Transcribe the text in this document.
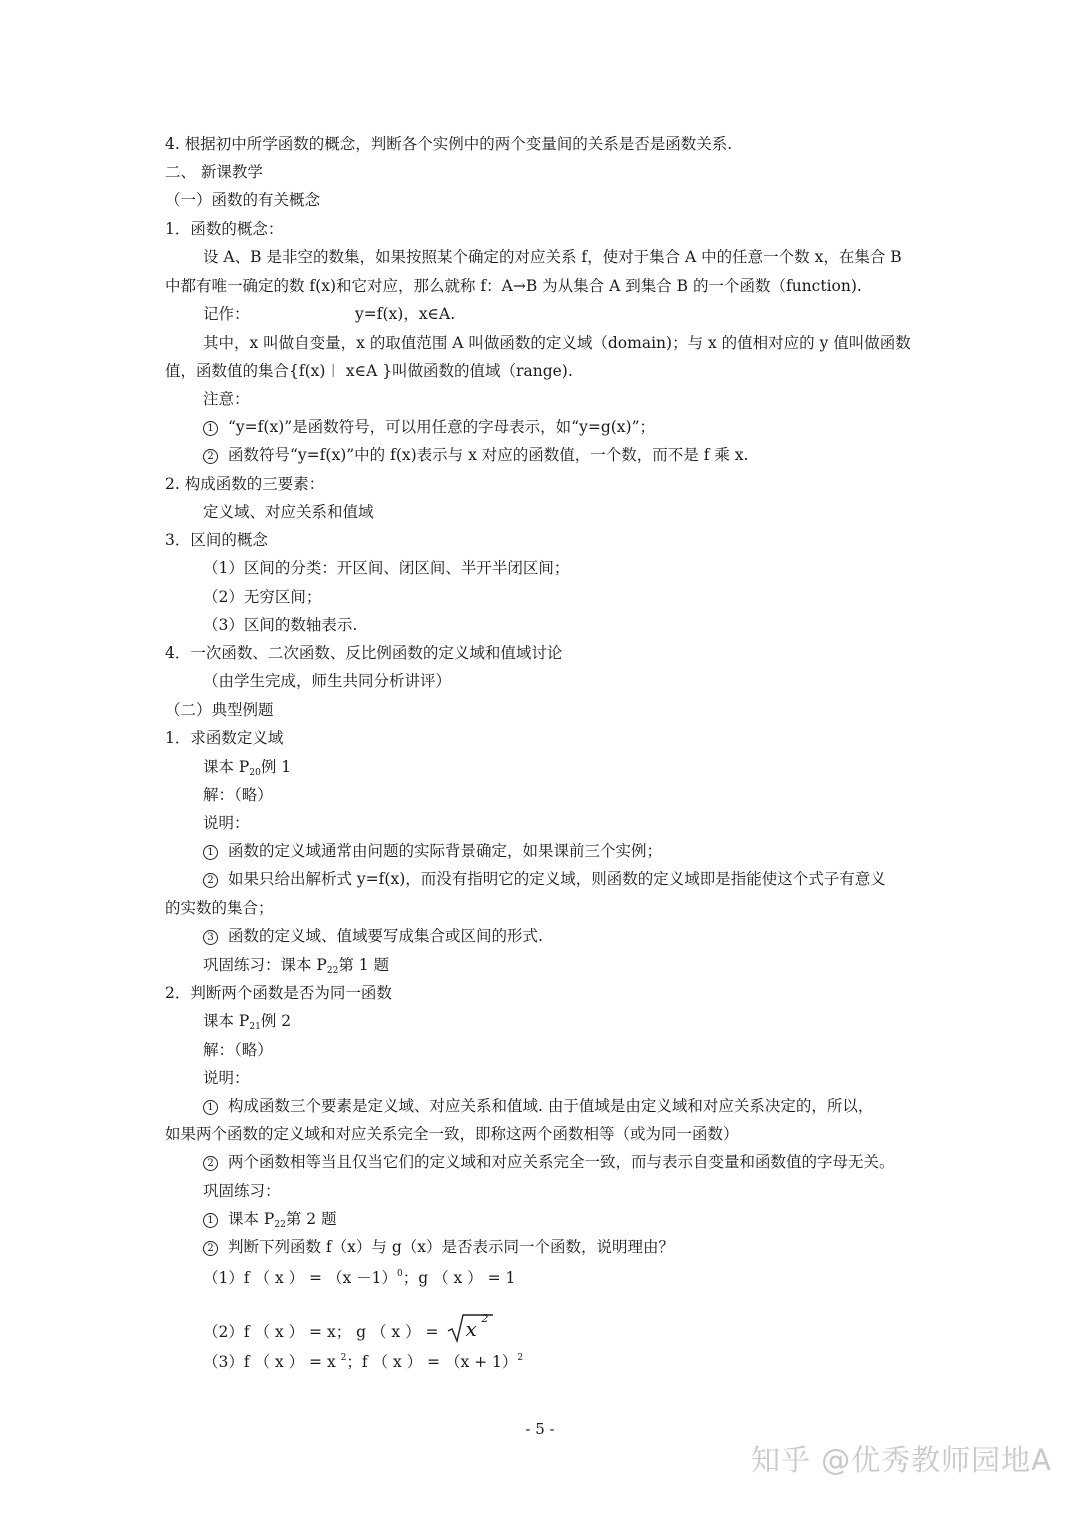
4. 根据初中所学函数的概念，判断各个实例中的两个变量间的关系是否是函数关系.
二、 新课教学
（一）函数的有关概念
1．函数的概念：
设 A、B 是非空的数集，如果按照某个确定的对应关系 f，使对于集合 A 中的任意一个数 x，在集合 B
中都有唯一确定的数 f(x)和它对应，那么就称 f：A→B 为从集合 A 到集合 B 的一个函数（function).
记作：	y=f(x)，x∈A.
其中，x 叫做自变量，x 的取值范围 A 叫做函数的定义域（domain)；与 x 的值相对应的 y 值叫做函数
值，函数值的集合{f(x)︱ x∈A }叫做函数的值域（range).
注意：
1 “y=f(x)”是函数符号，可以用任意的字母表示，如“y=g(x)”；
2 函数符号“y=f(x)”中的 f(x)表示与 x 对应的函数值，一个数，而不是 f 乘 x.
2. 构成函数的三要素：
定义域、对应关系和值域
3．区间的概念
（1）区间的分类：开区间、闭区间、半开半闭区间；
（2）无穷区间；
（3）区间的数轴表示.
4．一次函数、二次函数、反比例函数的定义域和值域讨论
（由学生完成，师生共同分析讲评）
（二）典型例题
1．求函数定义域
课本 $P_{20}$例 1
解：（略）
说明：
1 函数的定义域通常由问题的实际背景确定，如果课前三个实例；
2 如果只给出解析式 y=f(x)，而没有指明它的定义域，则函数的定义域即是指能使这个式子有意义
的实数的集合；
3 函数的定义域、值域要写成集合或区间的形式.
巩固练习：课本 $P_{22}$第 1 题
2．判断两个函数是否为同一函数
课本 $P_{21}$例 2
解：（略）
说明：
1 构成函数三个要素是定义域、对应关系和值域. 由于值域是由定义域和对应关系决定的，所以，
如果两个函数的定义域和对应关系完全一致，即称这两个函数相等（或为同一函数）
2 两个函数相等当且仅当它们的定义域和对应关系完全一致，而与表示自变量和函数值的字母无关。
巩固练习：
1 课本 $P_{22}$第 2 题
2 判断下列函数 f（x）与 g（x）是否表示同一个函数，说明理由？
（1）f （ x ） = $(x -1)^0$；g （ x ） = 1
（2）f （ x ） = x； g （ x ） = x 2
（3）f （ x ） = x $^2$；f （ x ） = $(x + 1)^2$
- 5 -
知乎 @优秀教师园地A
